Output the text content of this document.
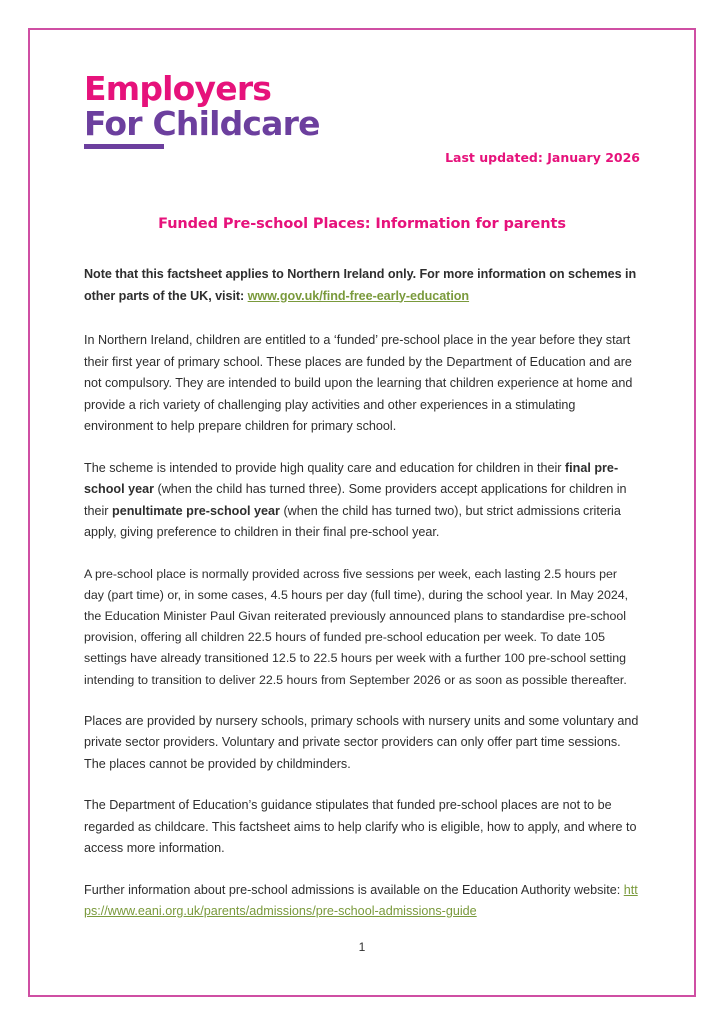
Employers
For Childcare
Last updated: January 2026
Funded Pre-school Places: Information for parents

Note that this factsheet applies to Northern Ireland only. For more information on schemes in other parts of the UK, visit: www.gov.uk/find-free-early-education

In Northern Ireland, children are entitled to a ‘funded’ pre-school place in the year before they start their first year of primary school. These places are funded by the Department of Education and are not compulsory. They are intended to build upon the learning that children experience at home and provide a rich variety of challenging play activities and other experiences in a stimulating environment to help prepare children for primary school.

The scheme is intended to provide high quality care and education for children in their final pre-school year (when the child has turned three). Some providers accept applications for children in their penultimate pre-school year (when the child has turned two), but strict admissions criteria apply, giving preference to children in their final pre-school year.

A pre-school place is normally provided across five sessions per week, each lasting 2.5 hours per day (part time) or, in some cases, 4.5 hours per day (full time), during the school year. In May 2024, the Education Minister Paul Givan reiterated previously announced plans to standardise pre-school provision, offering all children 22.5 hours of funded pre-school education per week. To date 105 settings have already transitioned 12.5 to 22.5 hours per week with a further 100 pre-school setting intending to transition to deliver 22.5 hours from September 2026 or as soon as possible thereafter.

Places are provided by nursery schools, primary schools with nursery units and some voluntary and private sector providers. Voluntary and private sector providers can only offer part time sessions. The places cannot be provided by childminders.

The Department of Education’s guidance stipulates that funded pre-school places are not to be regarded as childcare. This factsheet aims to help clarify who is eligible, how to apply, and where to access more information.

Further information about pre-school admissions is available on the Education Authority website: https://www.eani.org.uk/parents/admissions/pre-school-admissions-guide

1
